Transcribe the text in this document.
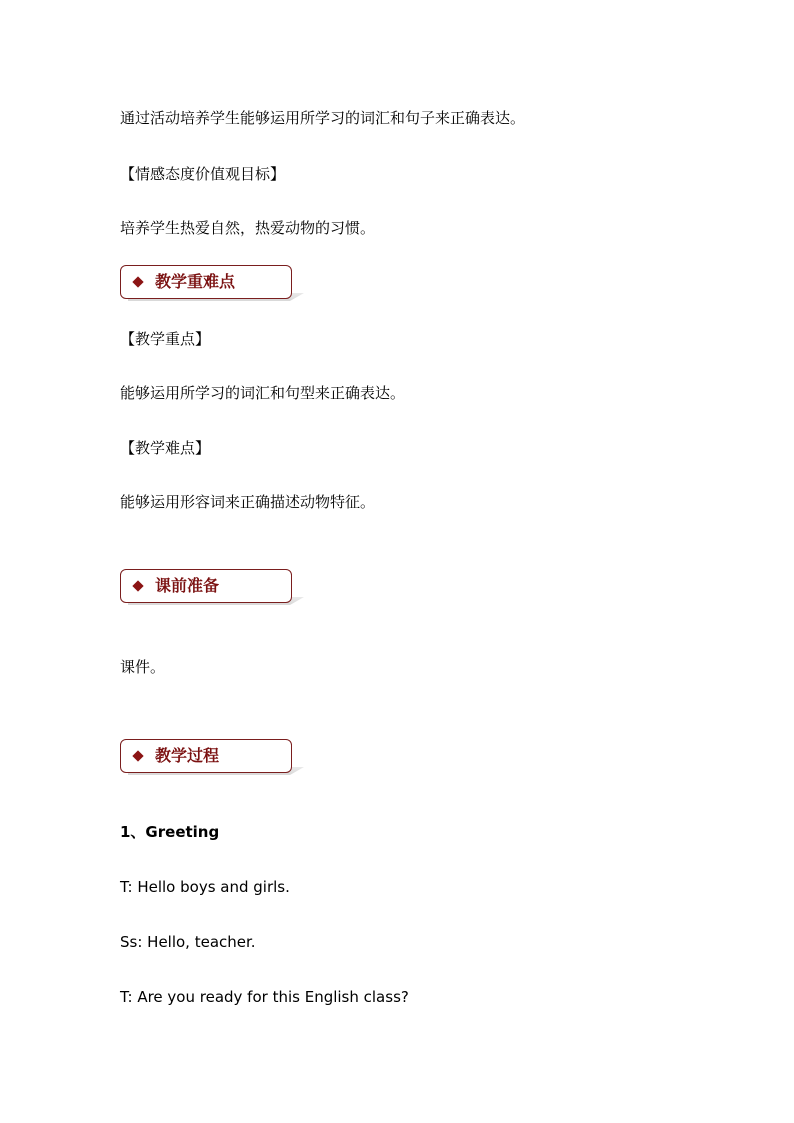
通过活动培养学生能够运用所学习的词汇和句子来正确表达。
【情感态度价值观目标】
培养学生热爱自然，热爱动物的习惯。
教学重难点
【教学重点】
能够运用所学习的词汇和句型来正确表达。
【教学难点】
能够运用形容词来正确描述动物特征。
课前准备
课件。
教学过程
1、Greeting
T: Hello boys and girls.
Ss: Hello, teacher.
T: Are you ready for this English class?
